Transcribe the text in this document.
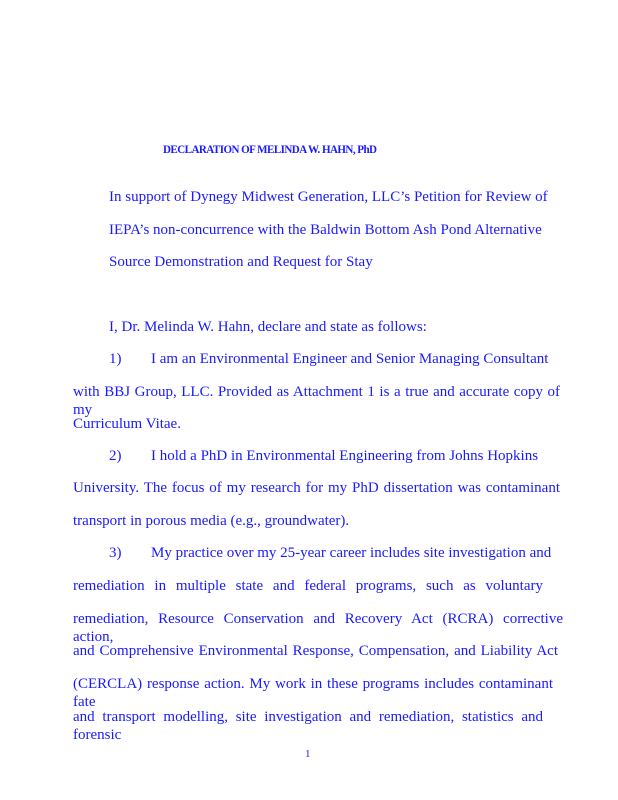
DECLARATION OF MELINDA W. HAHN, PhD
In support of Dynegy Midwest Generation, LLC’s Petition for Review of
IEPA’s non-concurrence with the Baldwin Bottom Ash Pond Alternative
Source Demonstration and Request for Stay
I, Dr. Melinda W. Hahn, declare and state as follows:
1) I am an Environmental Engineer and Senior Managing Consultant
with BBJ Group, LLC. Provided as Attachment 1 is a true and accurate copy of my
Curriculum Vitae.
2) I hold a PhD in Environmental Engineering from Johns Hopkins
University. The focus of my research for my PhD dissertation was contaminant
transport in porous media (e.g., groundwater).
3) My practice over my 25-year career includes site investigation and
remediation in multiple state and federal programs, such as voluntary
remediation, Resource Conservation and Recovery Act (RCRA) corrective action,
and Comprehensive Environmental Response, Compensation, and Liability Act
(CERCLA) response action. My work in these programs includes contaminant fate
and transport modelling, site investigation and remediation, statistics and forensic
1
